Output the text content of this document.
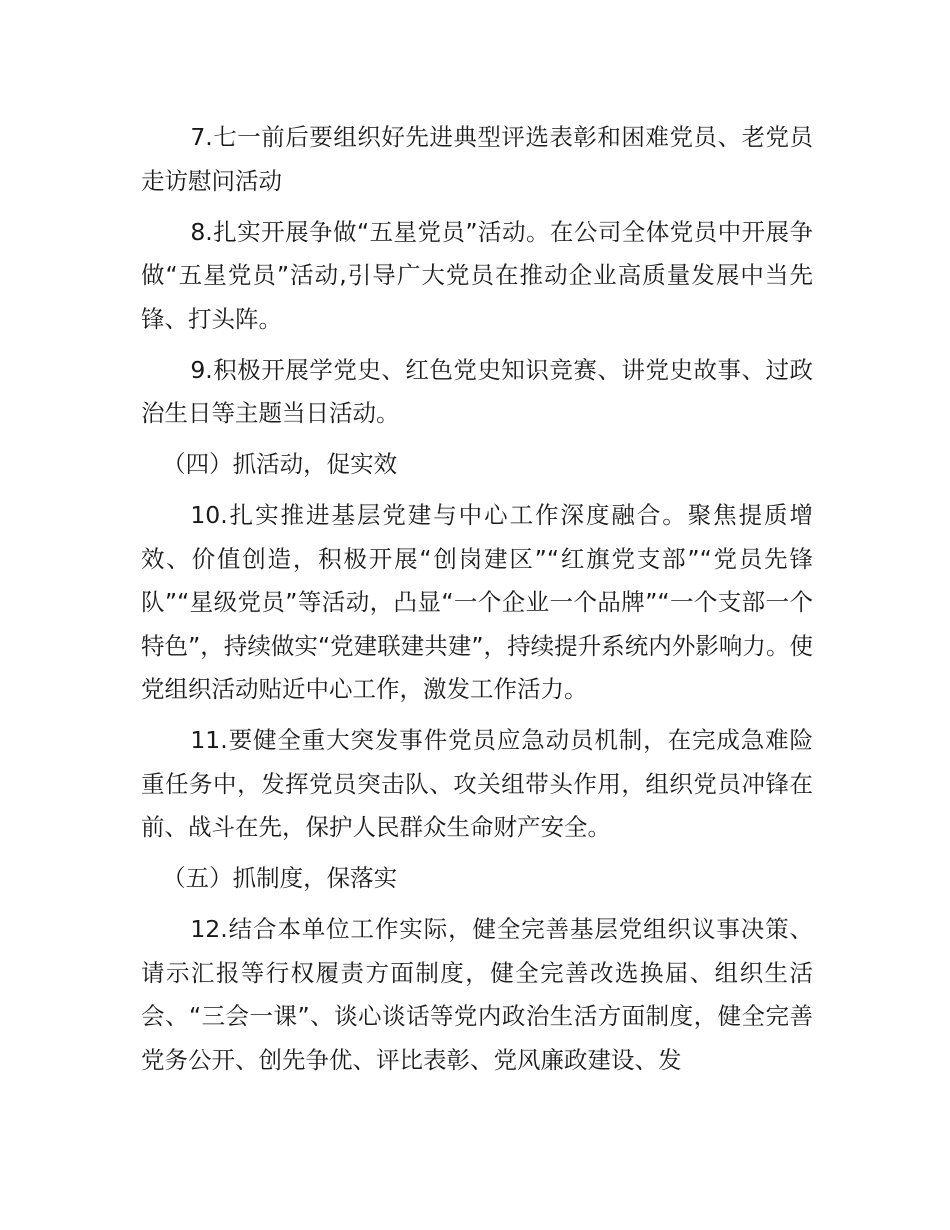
7.七一前后要组织好先进典型评选表彰和困难党员、老党员走访慰问活动

8.扎实开展争做“五星党员”活动。在公司全体党员中开展争做“五星党员”活动,引导广大党员在推动企业高质量发展中当先锋、打头阵。

9.积极开展学党史、红色党史知识竞赛、讲党史故事、过政治生日等主题当日活动。

（四）抓活动，促实效

10.扎实推进基层党建与中心工作深度融合。聚焦提质增效、价值创造，积极开展“创岗建区”“红旗党支部”“党员先锋队”“星级党员”等活动，凸显“一个企业一个品牌”“一个支部一个特色”，持续做实“党建联建共建”，持续提升系统内外影响力。使党组织活动贴近中心工作，激发工作活力。

11.要健全重大突发事件党员应急动员机制，在完成急难险重任务中，发挥党员突击队、攻关组带头作用，组织党员冲锋在前、战斗在先，保护人民群众生命财产安全。

（五）抓制度，保落实

12.结合本单位工作实际，健全完善基层党组织议事决策、请示汇报等行权履责方面制度，健全完善改选换届、组织生活会、“三会一课”、谈心谈话等党内政治生活方面制度，健全完善党务公开、创先争优、评比表彰、党风廉政建设、发
